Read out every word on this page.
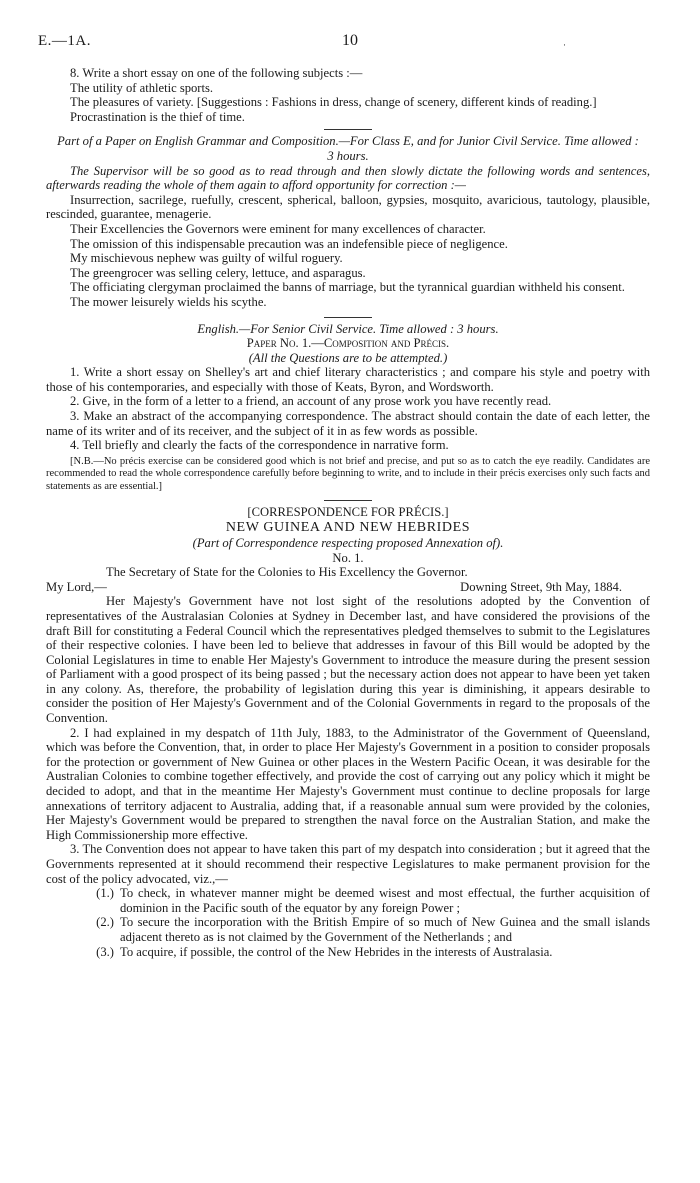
E.—1A.	10	·

8. Write a short essay on one of the following subjects :—

The utility of athletic sports.

The pleasures of variety. [Suggestions : Fashions in dress, change of scenery, different kinds of reading.]

Procrastination is the thief of time.

Part of a Paper on English Grammar and Composition.—For Class E, and for Junior Civil Service. Time allowed : 3 hours.

The Supervisor will be so good as to read through and then slowly dictate the following words and sentences, afterwards reading the whole of them again to afford opportunity for correction :—

Insurrection, sacrilege, ruefully, crescent, spherical, balloon, gypsies, mosquito, avaricious, tautology, plausible, rescinded, guarantee, menagerie.

Their Excellencies the Governors were eminent for many excellences of character.

The omission of this indispensable precaution was an indefensible piece of negligence.

My mischievous nephew was guilty of wilful roguery.

The greengrocer was selling celery, lettuce, and asparagus.

The officiating clergyman proclaimed the banns of marriage, but the tyrannical guardian withheld his consent.

The mower leisurely wields his scythe.

English.—For Senior Civil Service. Time allowed : 3 hours.

Paper No. 1.—Composition and Précis.

(All the Questions are to be attempted.)

1. Write a short essay on Shelley's art and chief literary characteristics ; and compare his style and poetry with those of his contemporaries, and especially with those of Keats, Byron, and Wordsworth.

2. Give, in the form of a letter to a friend, an account of any prose work you have recently read.

3. Make an abstract of the accompanying correspondence. The abstract should contain the date of each letter, the name of its writer and of its receiver, and the subject of it in as few words as possible.

4. Tell briefly and clearly the facts of the correspondence in narrative form.

[N.B.—No précis exercise can be considered good which is not brief and precise, and put so as to catch the eye readily. Candidates are recommended to read the whole correspondence carefully before beginning to write, and to include in their précis exercises only such facts and statements as are essential.]

[CORRESPONDENCE FOR PRÉCIS.]

NEW GUINEA AND NEW HEBRIDES

(Part of Correspondence respecting proposed Annexation of).

No. 1.

The Secretary of State for the Colonies to His Excellency the Governor.

My Lord,—	Downing Street, 9th May, 1884.

Her Majesty's Government have not lost sight of the resolutions adopted by the Convention of representatives of the Australasian Colonies at Sydney in December last, and have considered the provisions of the draft Bill for constituting a Federal Council which the representatives pledged themselves to submit to the Legislatures of their respective colonies. I have been led to believe that addresses in favour of this Bill would be adopted by the Colonial Legislatures in time to enable Her Majesty's Government to introduce the measure during the present session of Parliament with a good prospect of its being passed ; but the necessary action does not appear to have been yet taken in any colony. As, therefore, the probability of legislation during this year is diminishing, it appears desirable to consider the position of Her Majesty's Government and of the Colonial Governments in regard to the proposals of the Convention.

2. I had explained in my despatch of 11th July, 1883, to the Administrator of the Government of Queensland, which was before the Convention, that, in order to place Her Majesty's Government in a position to consider proposals for the protection or government of New Guinea or other places in the Western Pacific Ocean, it was desirable for the Australian Colonies to combine together effectively, and provide the cost of carrying out any policy which it might be decided to adopt, and that in the meantime Her Majesty's Government must continue to decline proposals for large annexations of territory adjacent to Australia, adding that, if a reasonable annual sum were provided by the colonies, Her Majesty's Government would be prepared to strengthen the naval force on the Australian Station, and make the High Commissionership more effective.

3. The Convention does not appear to have taken this part of my despatch into consideration ; but it agreed that the Governments represented at it should recommend their respective Legislatures to make permanent provision for the cost of the policy advocated, viz.,—

(1.) To check, in whatever manner might be deemed wisest and most effectual, the further acquisition of dominion in the Pacific south of the equator by any foreign Power ;
(2.) To secure the incorporation with the British Empire of so much of New Guinea and the small islands adjacent thereto as is not claimed by the Government of the Netherlands ; and
(3.) To acquire, if possible, the control of the New Hebrides in the interests of Australasia.
